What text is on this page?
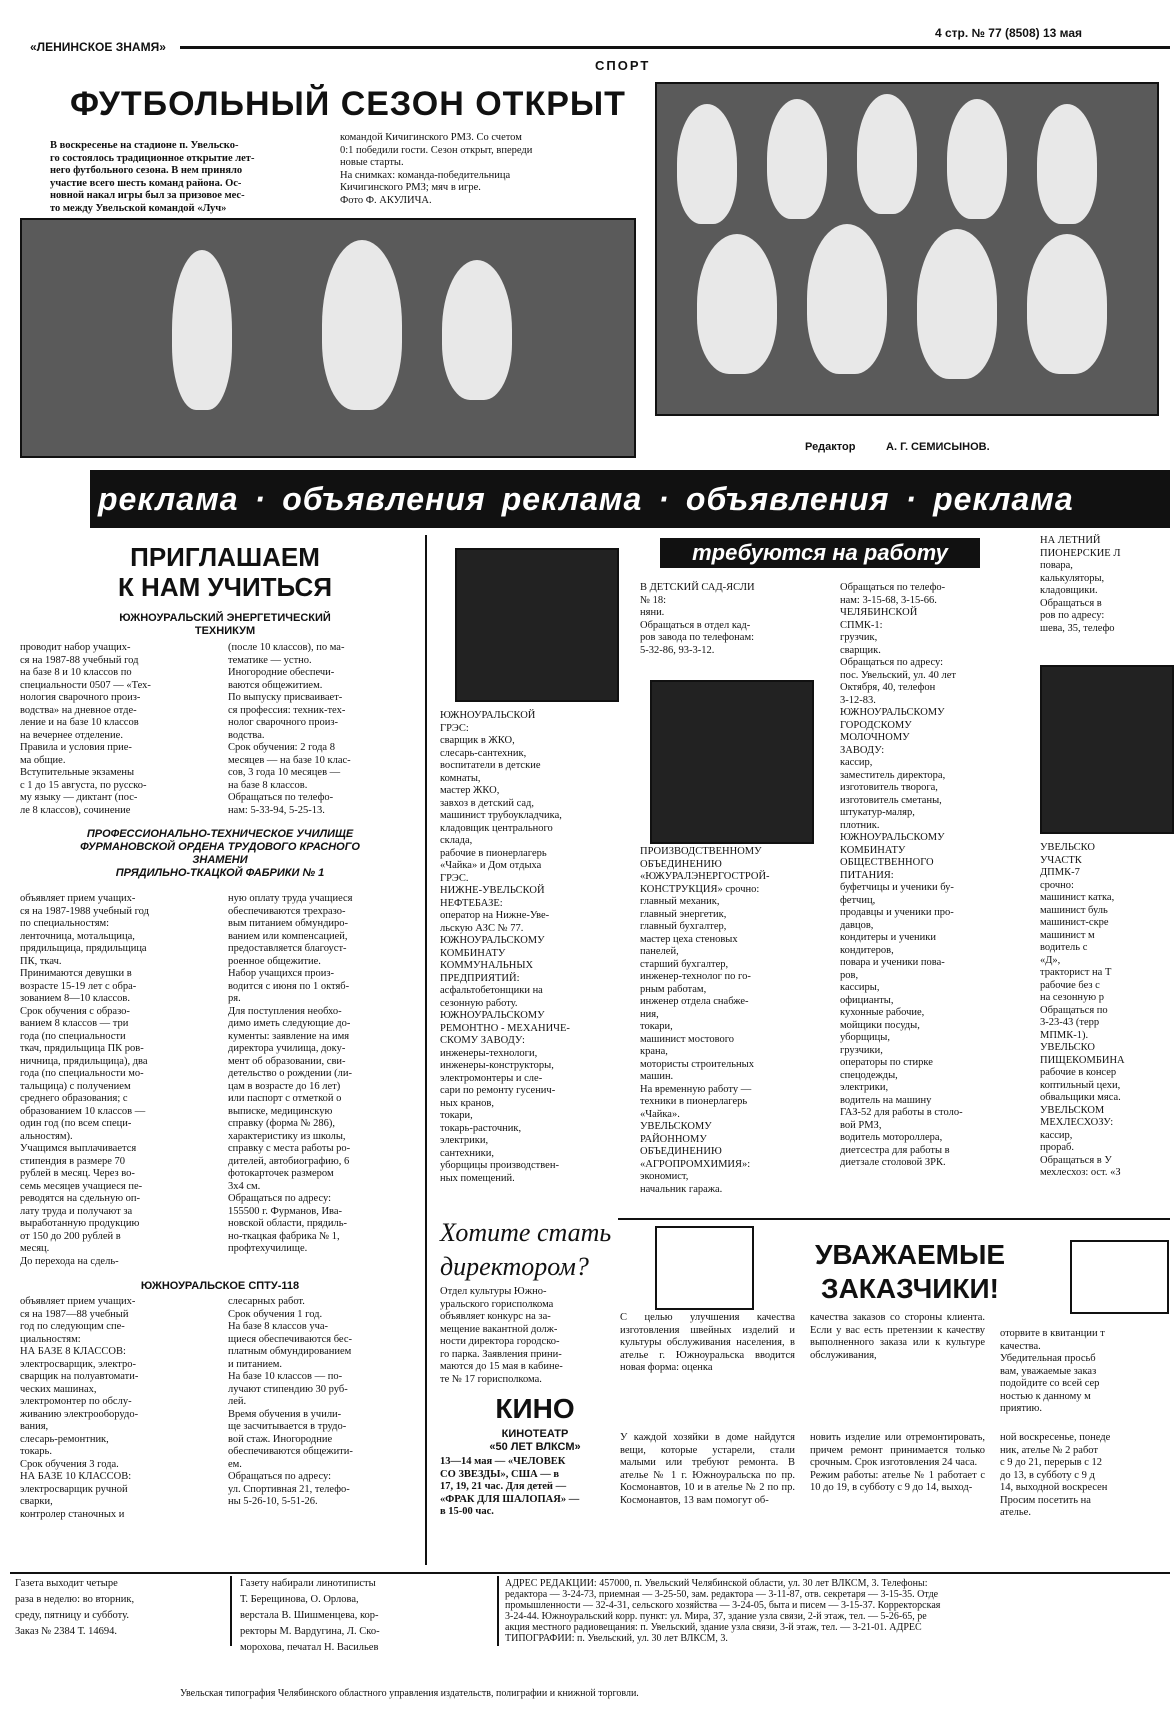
«ЛЕНИНСКОЕ ЗНАМЯ»
4 стр. № 77 (8508) 13 мая
СПОРТ
ФУТБОЛЬНЫЙ СЕЗОН ОТКРЫТ
В воскресенье на стадионе п. Увельско-
го состоялось традиционное открытие лет-
него футбольного сезона. В нем приняло
участие всего шесть команд района. Ос-
новной накал игры был за призовое мес-
то между Увельской командой «Луч»
командой Кичигинского РМЗ. Со счетом
0:1 победили гости. Сезон открыт, впереди
новые старты.
На снимках: команда-победительница
Кичигинского РМЗ; мяч в игре.
Фото Ф. АКУЛИЧА.
Редактор	А. Г. СЕМИСЫНОВ.
реклама · объявления реклама · объявления · реклама
ПРИГЛАШАЕМ
К НАМ УЧИТЬСЯ
ЮЖНОУРАЛЬСКИЙ ЭНЕРГЕТИЧЕСКИЙ
ТЕХНИКУМ
проводит набор учащих-
ся на 1987-88 учебный год
на базе 8 и 10 классов по
специальности 0507 — «Тех-
нология сварочного произ-
водства» на дневное отде-
ление и на базе 10 классов
на вечернее отделение.
Правила и условия прие-
ма общие.
Вступительные экзамены
с 1 до 15 августа, по русско-
му языку — диктант (пос-
ле 8 классов), сочинение
(после 10 классов), по ма-
тематике — устно.
Иногородние обеспечи-
ваются общежитием.
По выпуску присваивает-
ся профессия: техник-тех-
нолог сварочного произ-
водства.
Срок обучения: 2 года 8
месяцев — на базе 10 клас-
сов, 3 года 10 месяцев —
на базе 8 классов.
Обращаться по телефо-
нам: 5-33-94, 5-25-13.
ПРОФЕССИОНАЛЬНО-ТЕХНИЧЕСКОЕ УЧИЛИЩЕ
ФУРМАНОВСКОЙ ОРДЕНА ТРУДОВОГО КРАСНОГО
ЗНАМЕНИ
ПРЯДИЛЬНО-ТКАЦКОЙ ФАБРИКИ № 1
объявляет прием учащих-
ся на 1987-1988 учебный год
по специальностям:
ленточница, мотальщица,
прядильщица, прядильщица
ПК, ткач.
Принимаются девушки в
возрасте 15-19 лет с обра-
зованием 8—10 классов.
Срок обучения с образо-
ванием 8 классов — три
года (по специальности
ткач, прядильщица ПК ров-
ничница, прядильщица), два
года (по специальности мо-
тальщица) с получением
среднего образования; с
образованием 10 классов —
один год (по всем специ-
альностям).
Учащимся выплачивается
стипендия в размере 70
рублей в месяц. Через во-
семь месяцев учащиеся пе-
реводятся на сдельную оп-
лату труда и получают за
выработанную продукцию
от 150 до 200 рублей в
месяц.
До перехода на сдель-
ную оплату труда учащиеся
обеспечиваются трехразо-
вым питанием обмундиро-
ванием или компенсацией,
предоставляется благоуст-
роенное общежитие.
Набор учащихся произ-
водится с июня по 1 октяб-
ря.
Для поступления необхо-
димо иметь следующие до-
кументы: заявление на имя
директора училища, доку-
мент об образовании, сви-
детельство о рождении (ли-
цам в возрасте до 16 лет)
или паспорт с отметкой о
выписке, медицинскую
справку (форма № 286),
характеристику из школы,
справку с места работы ро-
дителей, автобиографию, 6
фотокарточек размером
3х4 см.
Обращаться по адресу:
155500 г. Фурманов, Ива-
новской области, прядиль-
но-ткацкая фабрика № 1,
профтехучилище.
ЮЖНОУРАЛЬСКОЕ СПТУ-118
объявляет прием учащих-
ся на 1987—88 учебный
год по следующим спе-
циальностям:
НА БАЗЕ 8 КЛАССОВ:
электросварщик, электро-
сварщик на полуавтомати-
ческих машинах,
электромонтер по обслу-
живанию электрооборудо-
вания,
слесарь-ремонтник,
токарь.
Срок обучения 3 года.
НА БАЗЕ 10 КЛАССОВ:
электросварщик ручной
сварки,
контролер станочных и
слесарных работ.
Срок обучения 1 год.
На базе 8 классов уча-
щиеся обеспечиваются бес-
платным обмундированием
и питанием.
На базе 10 классов — по-
лучают стипендию 30 руб-
лей.
Время обучения в учили-
ще засчитывается в трудо-
вой стаж. Иногородние
обеспечиваются общежити-
ем.
Обращаться по адресу:
ул. Спортивная 21, телефо-
ны 5-26-10, 5-51-26.
ЮЖНОУРАЛЬСКОЙ
ГРЭС:
сварщик в ЖКО,
слесарь-сантехник,
воспитатели в детские
комнаты,
мастер ЖКО,
завхоз в детский сад,
машинист трубоукладчика,
кладовщик центрального
склада,
рабочие в пионерлагерь
«Чайка» и Дом отдыха
ГРЭС.
НИЖНЕ-УВЕЛЬСКОЙ
НЕФТЕБАЗЕ:
оператор на Нижне-Уве-
льскую АЗС № 77.
ЮЖНОУРАЛЬСКОМУ
КОМБИНАТУ
КОММУНАЛЬНЫХ
ПРЕДПРИЯТИЙ:
асфальтобетонщики на
сезонную работу.
ЮЖНОУРАЛЬСКОМУ
РЕМОНТНО - МЕХАНИЧЕ-
СКОМУ ЗАВОДУ:
инженеры-технологи,
инженеры-конструкторы,
электромонтеры и сле-
сари по ремонту гусенич-
ных кранов,
токари,
токарь-расточник,
электрики,
сантехники,
уборщицы производствен-
ных помещений.
Хотите стать
директором?
Отдел культуры Южно-
уральского горисполкома
объявляет конкурс на за-
мещение вакантной долж-
ности директора городско-
го парка. Заявления прини-
маются до 15 мая в кабине-
те № 17 горисполкома.
КИНО
КИНОТЕАТР
«50 ЛЕТ ВЛКСМ»
13—14 мая — «ЧЕЛОВЕК
СО ЗВЕЗДЫ», США — в
17, 19, 21 час. Для детей —
«ФРАК ДЛЯ ШАЛОПАЯ» —
в 15-00 час.
требуются на работу
В ДЕТСКИЙ САД-ЯСЛИ
№ 18:
няни.
Обращаться в отдел кад-
ров завода по телефонам:
5-32-86, 93-3-12.
ПРОИЗВОДСТВЕННОМУ
ОБЪЕДИНЕНИЮ
«ЮЖУРАЛЭНЕРГОСТРОЙ-
КОНСТРУКЦИЯ» срочно:
главный механик,
главный энергетик,
главный бухгалтер,
мастер цеха стеновых
панелей,
старший бухгалтер,
инженер-технолог по го-
рным работам,
инженер отдела снабже-
ния,
токари,
машинист мостового
крана,
мотористы строительных
машин.
На временную работу —
техники в пионерлагерь
«Чайка».
УВЕЛЬСКОМУ
РАЙОННОМУ
ОБЪЕДИНЕНИЮ
«АГРОПРОМХИМИЯ»:
экономист,
начальник гаража.
Обращаться по телефо-
нам: 3-15-68, 3-15-66.
ЧЕЛЯБИНСКОЙ
СПМК-1:
грузчик,
сварщик.
Обращаться по адресу:
пос. Увельский, ул. 40 лет
Октября, 40, телефон
3-12-83.
ЮЖНОУРАЛЬСКОМУ
ГОРОДСКОМУ
МОЛОЧНОМУ
ЗАВОДУ:
кассир,
заместитель директора,
изготовитель творога,
изготовитель сметаны,
штукатур-маляр,
плотник.
ЮЖНОУРАЛЬСКОМУ
КОМБИНАТУ
ОБЩЕСТВЕННОГО
ПИТАНИЯ:
буфетчицы и ученики бу-
фетчиц,
продавцы и ученики про-
давцов,
кондитеры и ученики
кондитеров,
повара и ученики пова-
ров,
кассиры,
официанты,
кухонные рабочие,
мойщики посуды,
уборщицы,
грузчики,
операторы по стирке
спецодежды,
электрики,
водитель на машину
ГАЗ-52 для работы в столо-
вой РМЗ,
водитель мотороллера,
диетсестра для работы в
диетзале столовой ЗРК.
НА ЛЕТНИЙ
ПИОНЕРСКИЕ Л
повара,
калькуляторы,
кладовщики.
Обращаться в
ров по адресу:
шева, 35, телефо
УВЕЛЬСКО
УЧАСТК
ДПМК-7
срочно:
машинист катка,
машинист буль
машинист-скре
машинист м
водитель с
«Д»,
тракторист на Т
рабочие без с
на сезонную р
Обращаться по
3-23-43 (терр
МПМК-1).
УВЕЛЬСКО
ПИЩЕКОМБИНА
рабочие в консер
коптильный цехи,
обвальщики мяса.
УВЕЛЬСКОМ
МЕХЛЕСХОЗУ:
кассир,
прораб.
Обращаться в У
мехлесхоз: ост. «З
УВАЖАЕМЫЕ
ЗАКАЗЧИКИ!
С целью улучшения качества изготовления швейных изделий и культуры обслуживания населения, в ателье г. Южноуральска вводится новая форма: оценка
качества заказов со стороны клиента. Если у вас есть претензии к качеству выполненного заказа или к культуре обслуживания,
оторвите в квитанции т
качества.
Убедительная просьб
вам, уважаемые заказ
подойдите со всей сер
ностью к данному м
приятию.
У каждой хозяйки в доме найдутся вещи, которые устарели, стали малыми или требуют ремонта. В ателье № 1 г. Южноуральска по пр. Космонавтов, 10 и в ателье № 2 по пр. Космонавтов, 13 вам помогут об-
новить изделие или отремонтировать, причем ремонт принимается только срочным. Срок изготовления 24 часа.
Режим работы: ателье № 1 работает с 10 до 19, в субботу с 9 до 14, выход-
ной воскресенье, понеде
ник, ателье № 2 работ
с 9 до 21, перерыв с 12
до 13, в субботу с 9 д
14, выходной воскресен
Просим посетить на
ателье.
Газета выходит четыре
раза в неделю: во вторник,
среду, пятницу и субботу.
Заказ № 2384 Т. 14694.
Газету набирали линотиписты
Т. Берещинова, О. Орлова,
верстала В. Шишменцева, кор-
ректоры М. Вардугина, Л. Ско-
морохова, печатал Н. Васильев
АДРЕС РЕДАКЦИИ: 457000, п. Увельский Челябинской области, ул. 30 лет ВЛКСМ, 3. Телефоны:
редактора — 3-24-73, приемная — 3-25-50, зам. редактора — 3-11-87, отв. секретаря — 3-15-35. Отде
промышленности — 32-4-31, сельского хозяйства — 3-24-05, быта и писем — 3-15-37. Корректорская
3-24-44. Южноуральский корр. пункт: ул. Мира, 37, здание узла связи, 2-й этаж, тел. — 5-26-65, ре
акция местного радиовещания: п. Увельский, здание узла связи, 3-й этаж, тел. — 3-21-01. АДРЕС
ТИПОГРАФИИ: п. Увельский, ул. 30 лет ВЛКСМ, 3.
Увельская типография Челябинского областного управления издательств, полиграфии и книжной торговли.
